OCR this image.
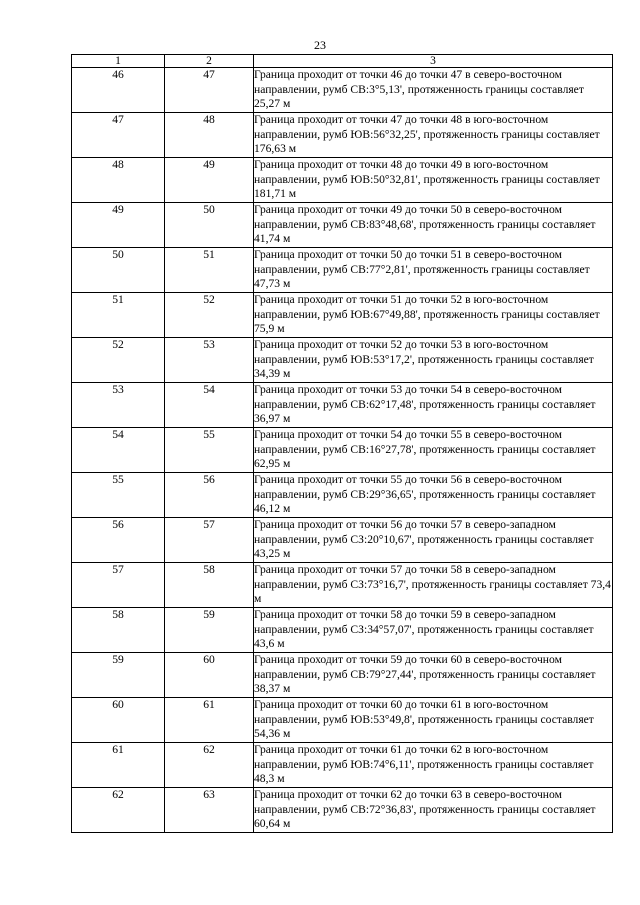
23
1	2	3
46	47	Граница проходит от точки 46 до точки 47 в северо-восточном направлении, румб СВ:3°5,13', протяженность границы составляет 25,27 м
47	48	Граница проходит от точки 47 до точки 48 в юго-восточном направлении, румб ЮВ:56°32,25', протяженность границы составляет 176,63 м
48	49	Граница проходит от точки 48 до точки 49 в юго-восточном направлении, румб ЮВ:50°32,81', протяженность границы составляет 181,71 м
49	50	Граница проходит от точки 49 до точки 50 в северо-восточном направлении, румб СВ:83°48,68', протяженность границы составляет 41,74 м
50	51	Граница проходит от точки 50 до точки 51 в северо-восточном направлении, румб СВ:77°2,81', протяженность границы составляет 47,73 м
51	52	Граница проходит от точки 51 до точки 52 в юго-восточном направлении, румб ЮВ:67°49,88', протяженность границы составляет 75,9 м
52	53	Граница проходит от точки 52 до точки 53 в юго-восточном направлении, румб ЮВ:53°17,2', протяженность границы составляет 34,39 м
53	54	Граница проходит от точки 53 до точки 54 в северо-восточном направлении, румб СВ:62°17,48', протяженность границы составляет 36,97 м
54	55	Граница проходит от точки 54 до точки 55 в северо-восточном направлении, румб СВ:16°27,78', протяженность границы составляет 62,95 м
55	56	Граница проходит от точки 55 до точки 56 в северо-восточном направлении, румб СВ:29°36,65', протяженность границы составляет 46,12 м
56	57	Граница проходит от точки 56 до точки 57 в северо-западном направлении, румб СЗ:20°10,67', протяженность границы составляет 43,25 м
57	58	Граница проходит от точки 57 до точки 58 в северо-западном направлении, румб СЗ:73°16,7', протяженность границы составляет 73,4 м
58	59	Граница проходит от точки 58 до точки 59 в северо-западном направлении, румб СЗ:34°57,07', протяженность границы составляет 43,6 м
59	60	Граница проходит от точки 59 до точки 60 в северо-восточном направлении, румб СВ:79°27,44', протяженность границы составляет 38,37 м
60	61	Граница проходит от точки 60 до точки 61 в юго-восточном направлении, румб ЮВ:53°49,8', протяженность границы составляет 54,36 м
61	62	Граница проходит от точки 61 до точки 62 в юго-восточном направлении, румб ЮВ:74°6,11', протяженность границы составляет 48,3 м
62	63	Граница проходит от точки 62 до точки 63 в северо-восточном направлении, румб СВ:72°36,83', протяженность границы составляет 60,64 м
